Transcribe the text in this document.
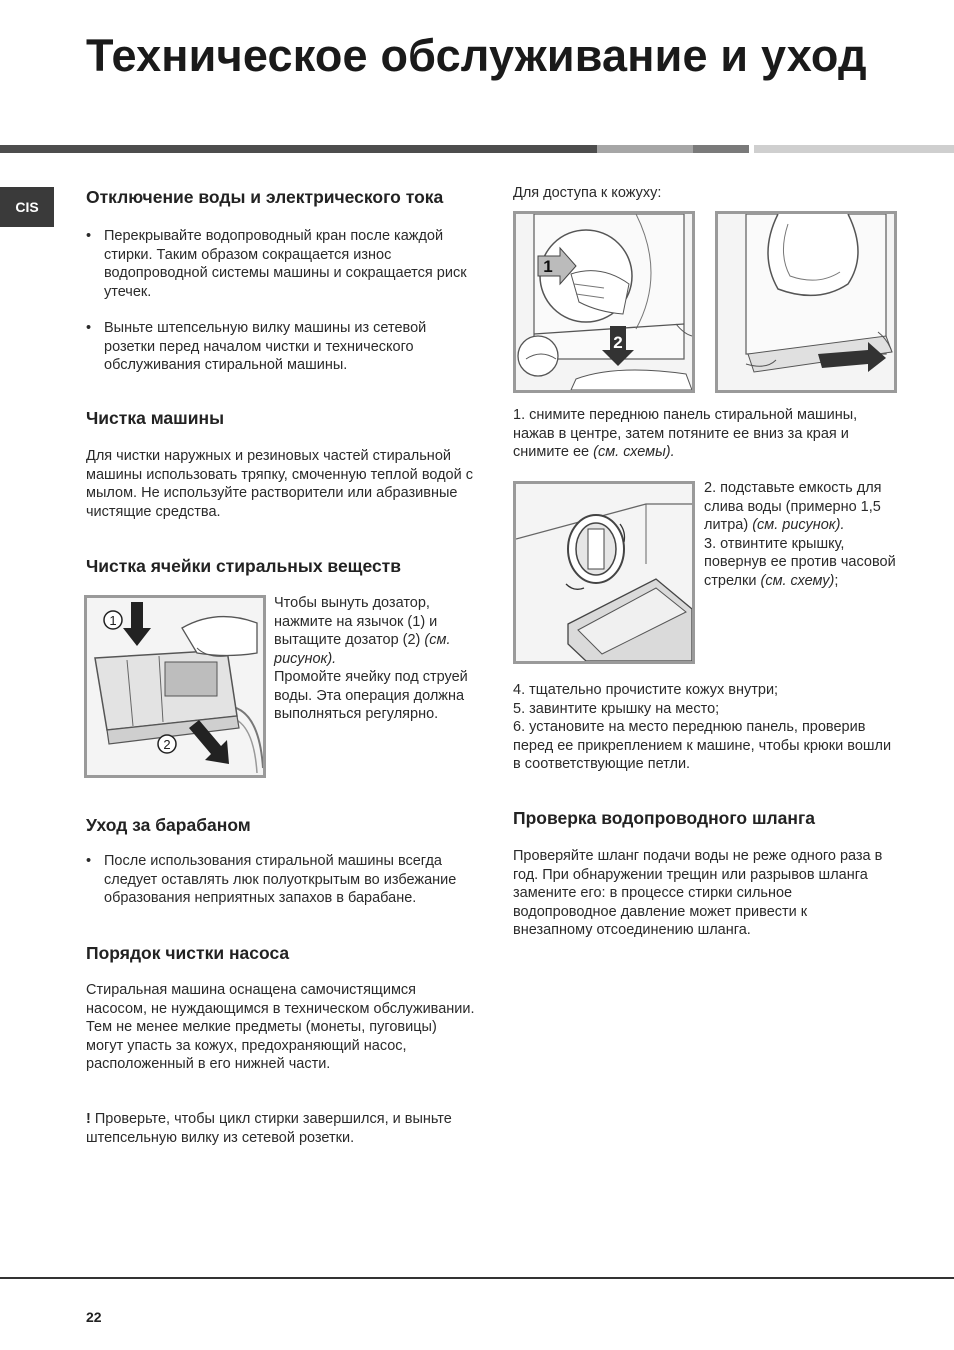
Техническое обслуживание и уход
CIS	Отключение воды и электрического тока
• Перекрывайте водопроводный кран после каждой стирки. Таким образом сокращается износ водопроводной системы машины и сокращается риск утечек.
• Выньте штепсельную вилку машины из сетевой розетки перед началом чистки и технического обслуживания стиральной машины.
Чистка машины

Для чистки наружных и резиновых частей стиральной машины использовать тряпку, смоченную теплой водой с мылом. Не используйте растворители или абразивные чистящие средства.

Чистка ячейки стиральных веществ
1
2

Чтобы вынуть дозатор, нажмите на язычок (1) и вытащите дозатор (2) (см. рисунок).
Промойте ячейку под струей воды. Эта операция должна выполняться регулярно.

Уход за барабаном
• После использования стиральной машины всегда следует оставлять люк полуоткрытым во избежание образования неприятных запахов в барабане.
Порядок чистки насоса

Стиральная машина оснащена самочистящимся насосом, не нуждающимся в техническом обслуживании. Тем не менее мелкие предметы (монеты, пуговицы) могут упасть за кожух, предохраняющий насос, расположенный в его нижней части.

! Проверьте, чтобы цикл стирки завершился, и выньте штепсельную вилку из сетевой розетки.

Для доступа к кожуху:

1
2

1. снимите переднюю панель стиральной машины, нажав в центре, затем потяните ее вниз за края и снимите ее (см. схемы).

2. подставьте емкость для слива воды (примерно 1,5 литра) (см. рисунок).
3. отвинтите крышку, повернув ее против часовой стрелки (см. схему);

4. тщательно прочистите кожух внутри;
5. завинтите крышку на место;
6. установите на место переднюю панель, проверив перед ее прикреплением к машине, чтобы крюки вошли в соответствующие петли.
Проверка водопроводного шланга

Проверяйте шланг подачи воды не реже одного раза в год. При обнаружении трещин или разрывов шланга замените его: в процессе стирки сильное водопроводное давление может привести к внезапному отсоединению шланга.

22
